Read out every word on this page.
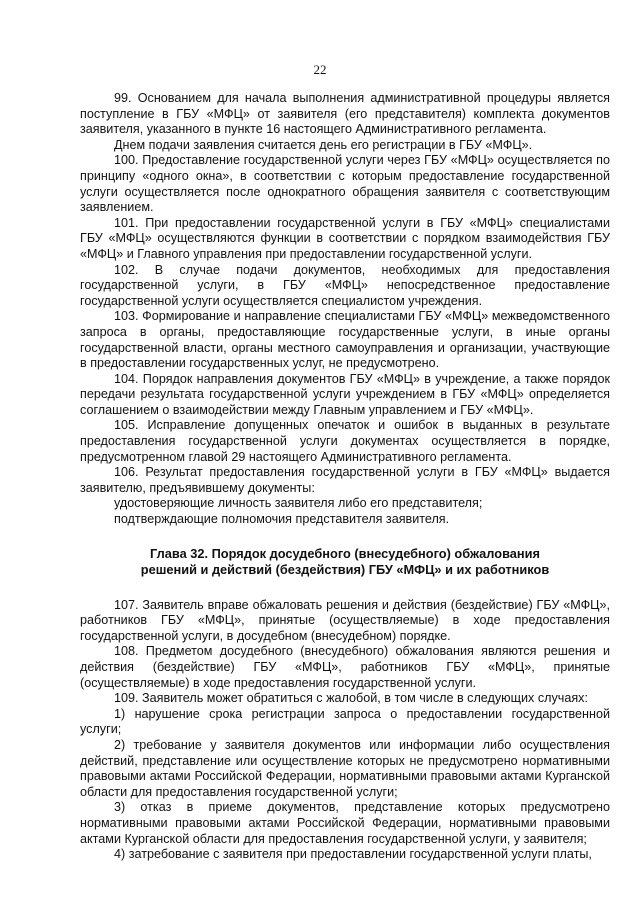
22

99. Основанием для начала выполнения административной процедуры является поступление в ГБУ «МФЦ» от заявителя (его представителя) комплекта документов заявителя, указанного в пункте 16 настоящего Административного регламента.

Днем подачи заявления считается день его регистрации в ГБУ «МФЦ».

100. Предоставление государственной услуги через ГБУ «МФЦ» осуществляется по принципу «одного окна», в соответствии с которым предоставление государственной услуги осуществляется после однократного обращения заявителя с соответствующим заявлением.

101. При предоставлении государственной услуги в ГБУ «МФЦ» специалистами ГБУ «МФЦ» осуществляются функции в соответствии с порядком взаимодействия ГБУ «МФЦ» и Главного управления при предоставлении государственной услуги.

102. В случае подачи документов, необходимых для предоставления государственной услуги, в ГБУ «МФЦ» непосредственное предоставление государственной услуги осуществляется специалистом учреждения.

103. Формирование и направление специалистами ГБУ «МФЦ» межведомственного запроса в органы, предоставляющие государственные услуги, в иные органы государственной власти, органы местного самоуправления и организации, участвующие в предоставлении государственных услуг, не предусмотрено.

104. Порядок направления документов ГБУ «МФЦ» в учреждение, а также порядок передачи результата государственной услуги учреждением в ГБУ «МФЦ» определяется соглашением о взаимодействии между Главным управлением и ГБУ «МФЦ».

105. Исправление допущенных опечаток и ошибок в выданных в результате предоставления государственной услуги документах осуществляется в порядке, предусмотренном главой 29 настоящего Административного регламента.

106. Результат предоставления государственной услуги в ГБУ «МФЦ» выдается заявителю, предъявившему документы:

удостоверяющие личность заявителя либо его представителя;

подтверждающие полномочия представителя заявителя.

Глава 32. Порядок досудебного (внесудебного) обжалования
решений и действий (бездействия) ГБУ «МФЦ» и их работников

107. Заявитель вправе обжаловать решения и действия (бездействие) ГБУ «МФЦ», работников ГБУ «МФЦ», принятые (осуществляемые) в ходе предоставления государственной услуги, в досудебном (внесудебном) порядке.

108. Предметом досудебного (внесудебного) обжалования являются решения и действия (бездействие) ГБУ «МФЦ», работников ГБУ «МФЦ», принятые (осуществляемые) в ходе предоставления государственной услуги.

109. Заявитель может обратиться с жалобой, в том числе в следующих случаях:

1) нарушение срока регистрации запроса о предоставлении государственной услуги;

2) требование у заявителя документов или информации либо осуществления действий, представление или осуществление которых не предусмотрено нормативными правовыми актами Российской Федерации, нормативными правовыми актами Курганской области для предоставления государственной услуги;

3) отказ в приеме документов, представление которых предусмотрено нормативными правовыми актами Российской Федерации, нормативными правовыми актами Курганской области для предоставления государственной услуги, у заявителя;

4) затребование с заявителя при предоставлении государственной услуги платы,
